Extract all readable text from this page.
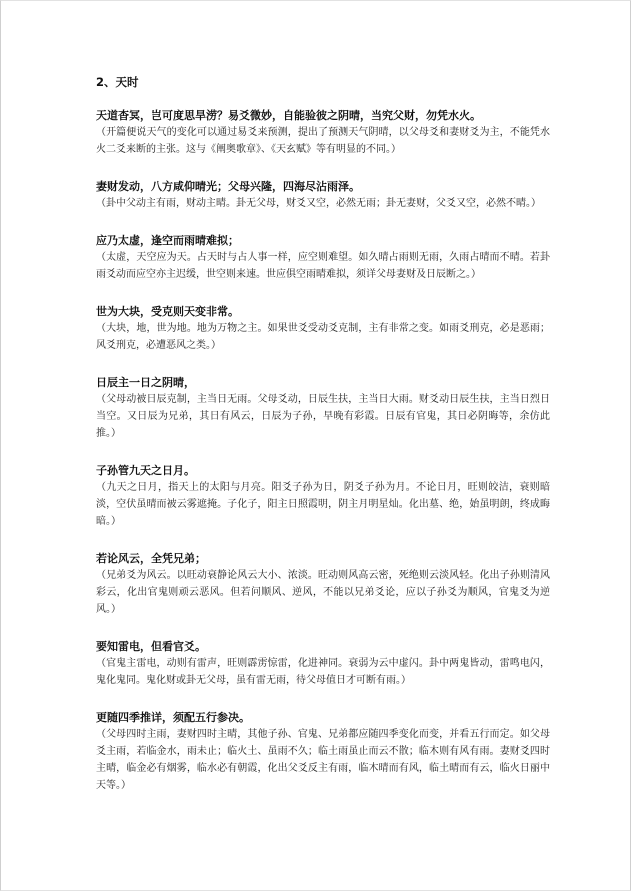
2、天时

天道杳冥，岂可度思旱涝？易爻微妙，自能验彼之阴晴，当究父财，勿凭水火。

（开篇便说天气的变化可以通过易爻来预测，提出了预测天气阴晴，以父母爻和妻财爻为主，不能凭水火二爻来断的主张。这与《阐奥歌章》、《天玄赋》等有明显的不同。）

妻财发动，八方咸仰晴光；父母兴隆，四海尽沾雨泽。

（卦中父动主有雨，财动主晴。卦无父母，财爻又空，必然无雨；卦无妻财，父爻又空，必然不晴。）

应乃太虚，逢空而雨晴难拟；

（太虚，天空应为天。占天时与占人事一样，应空则难望。如久晴占雨则无雨，久雨占晴而不晴。若卦雨爻动而应空亦主迟缓，世空则来速。世应俱空雨晴难拟，须详父母妻财及日辰断之。）

世为大块，受克则天变非常。

（大块，地，世为地。地为万物之主。如果世爻受动爻克制，主有非常之变。如雨爻刑克，必是恶雨；风爻刑克，必遭恶风之类。）

日辰主一日之阴晴，

（父母动被日辰克制，主当日无雨。父母爻动，日辰生扶，主当日大雨。财爻动日辰生扶，主当日烈日当空。又日辰为兄弟，其日有风云，日辰为子孙，早晚有彩霞。日辰有官鬼，其日必阴晦等，余仿此推。）

子孙管九天之日月。

（九天之日月，指天上的太阳与月亮。阳爻子孙为日，阴爻子孙为月。不论日月，旺则皎洁，衰则暗淡，空伏虽晴而被云雾遮掩。子化子，阳主日照霞明，阴主月明星灿。化出墓、绝，始虽明朗，终成晦暗。）

若论风云，全凭兄弟；

（兄弟爻为风云。以旺动衰静论风云大小、浓淡。旺动则风高云密，死绝则云淡风轻。化出子孙则清风彩云，化出官鬼则顽云恶风。但若问顺风、逆风，不能以兄弟爻论，应以子孙爻为顺风，官鬼爻为逆风。）

要知雷电，但看官爻。

（官鬼主雷电，动则有雷声，旺则霹雳惊雷，化进神同。衰弱为云中虚闪。卦中两鬼皆动，雷鸣电闪，鬼化鬼同。鬼化财或卦无父母，虽有雷无雨，待父母值日才可断有雨。）

更随四季推详，须配五行参决。

（父母四时主雨，妻财四时主晴，其他子孙、官鬼、兄弟都应随四季变化而变，并看五行而定。如父母爻主雨，若临金水，雨未止；临火土、虽雨不久；临土雨虽止而云不散；临木则有风有雨。妻财爻四时主晴，临金必有烟雾，临水必有朝霞，化出父爻反主有雨，临木晴而有风，临土晴而有云，临火日丽中天等。）
